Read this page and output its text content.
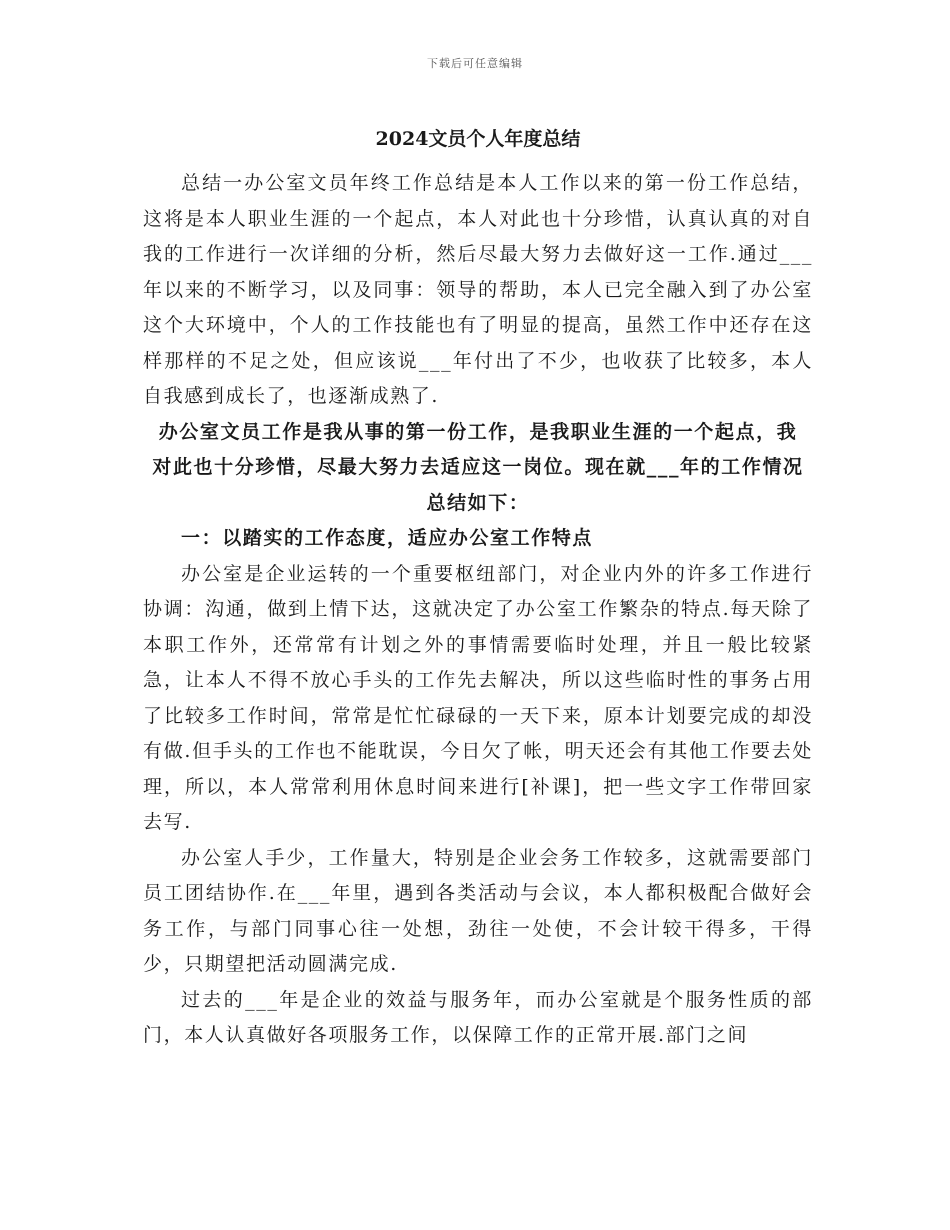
下载后可任意编辑
2024文员个人年度总结

总结一办公室文员年终工作总结是本人工作以来的第一份工作总结，这将是本人职业生涯的一个起点，本人对此也十分珍惜，认真认真的对自我的工作进行一次详细的分析，然后尽最大努力去做好这一工作.通过___年以来的不断学习，以及同事：领导的帮助，本人已完全融入到了办公室这个大环境中，个人的工作技能也有了明显的提高，虽然工作中还存在这样那样的不足之处，但应该说___年付出了不少，也收获了比较多，本人自我感到成长了，也逐渐成熟了.

办公室文员工作是我从事的第一份工作，是我职业生涯的一个起点，我对此也十分珍惜，尽最大努力去适应这一岗位。现在就___年的工作情况总结如下：

一：以踏实的工作态度，适应办公室工作特点

办公室是企业运转的一个重要枢纽部门，对企业内外的许多工作进行协调：沟通，做到上情下达，这就决定了办公室工作繁杂的特点.每天除了本职工作外，还常常有计划之外的事情需要临时处理，并且一般比较紧急，让本人不得不放心手头的工作先去解决，所以这些临时性的事务占用了比较多工作时间，常常是忙忙碌碌的一天下来，原本计划要完成的却没有做.但手头的工作也不能耽误，今日欠了帐，明天还会有其他工作要去处理，所以，本人常常利用休息时间来进行[补课]，把一些文字工作带回家去写.

办公室人手少，工作量大，特别是企业会务工作较多，这就需要部门员工团结协作.在___年里，遇到各类活动与会议，本人都积极配合做好会务工作，与部门同事心往一处想，劲往一处使，不会计较干得多，干得少，只期望把活动圆满完成.

过去的___年是企业的效益与服务年，而办公室就是个服务性质的部门，本人认真做好各项服务工作，以保障工作的正常开展.部门之间
